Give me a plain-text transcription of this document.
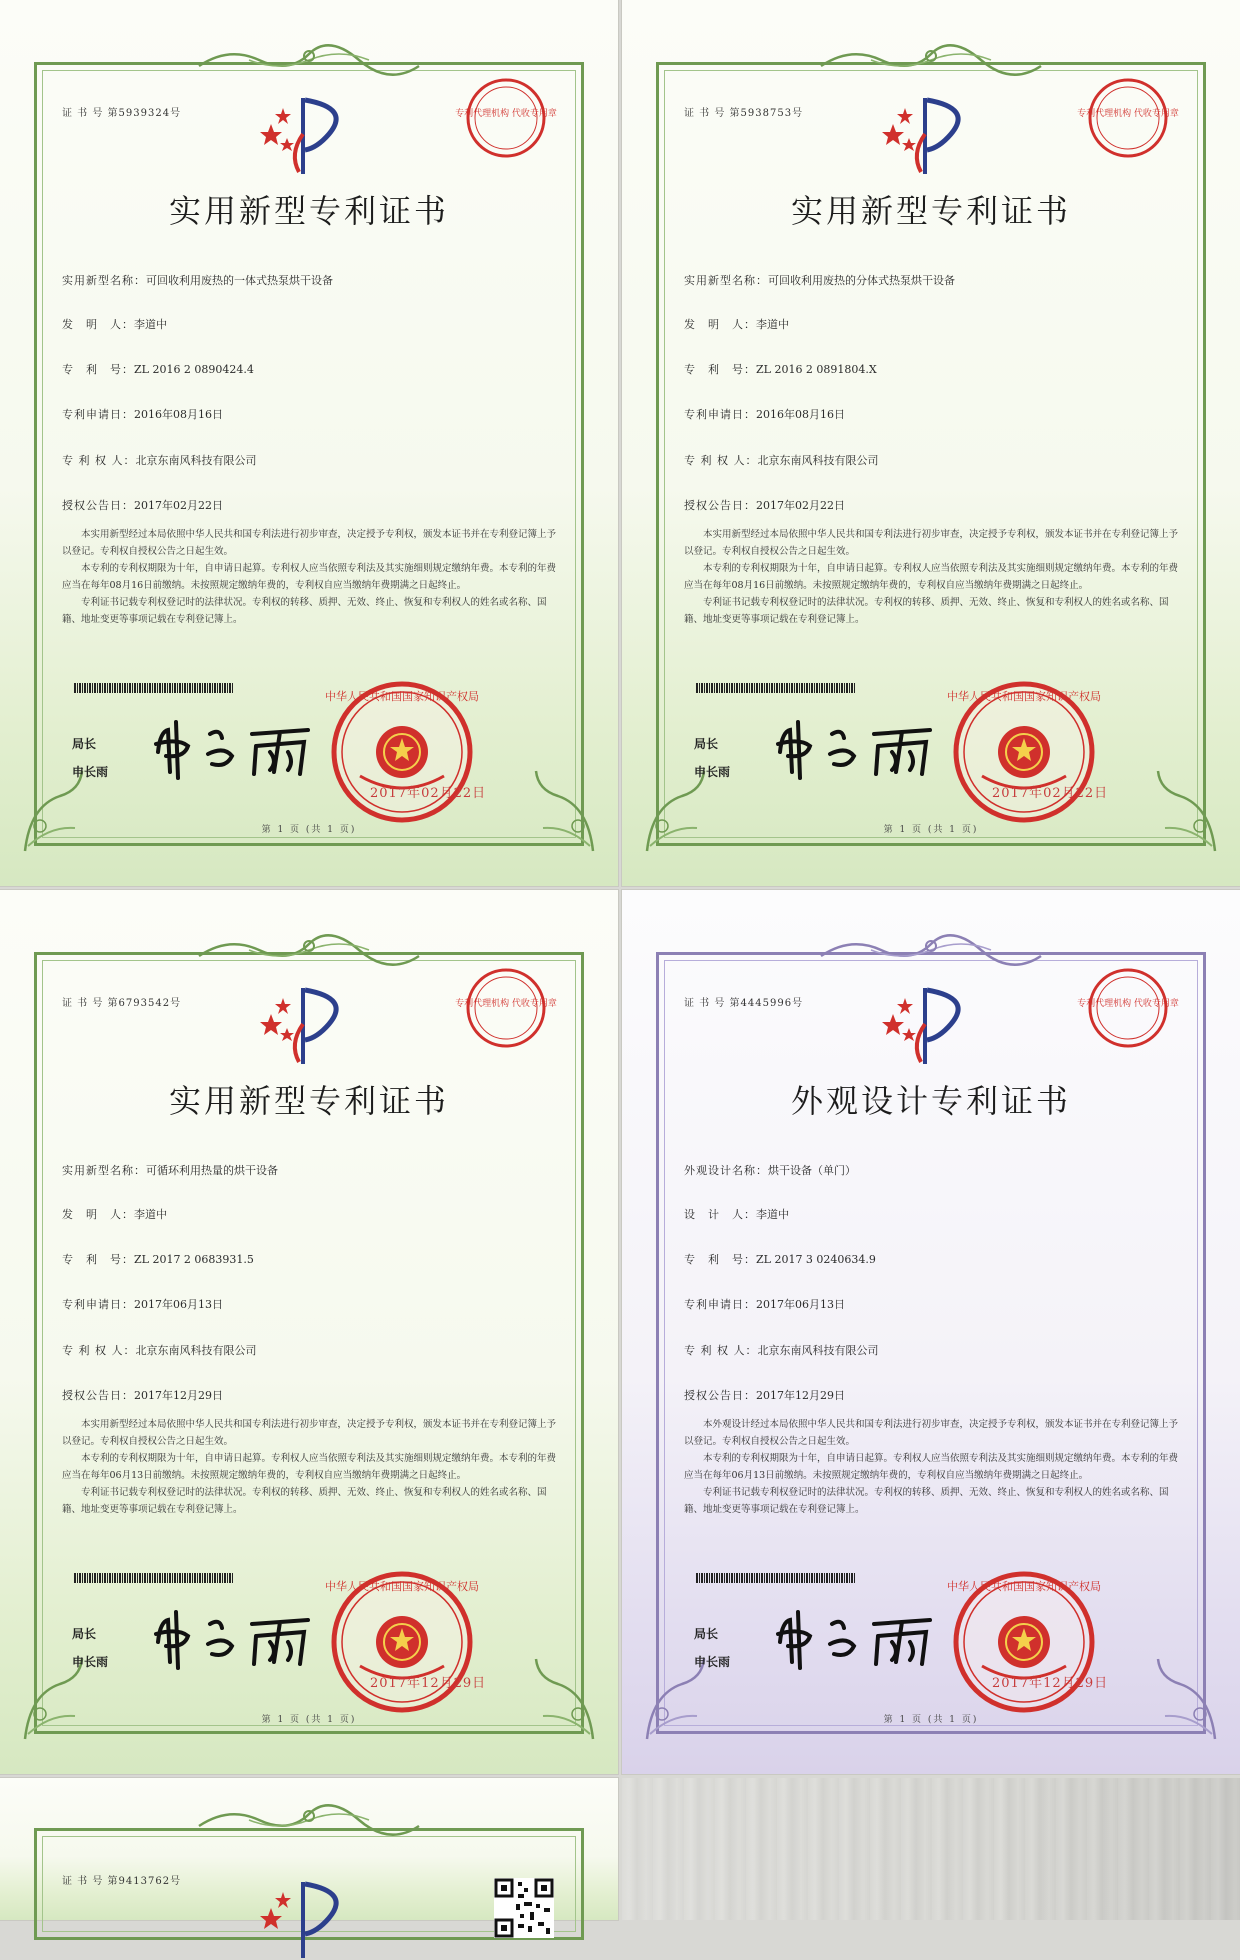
证 书 号 第5939324号	专利代理机构 代收专用章
实用新型专利证书
实用新型名称：可回收利用废热的一体式热泵烘干设备
发　明　人：李道中
专　利　号：ZL 2016 2 0890424.4
专利申请日：2016年08月16日
专 利 权 人：北京东南风科技有限公司
授权公告日：2017年02月22日

本实用新型经过本局依照中华人民共和国专利法进行初步审查，决定授予专利权，颁发本证书并在专利登记簿上予以登记。专利权自授权公告之日起生效。

本专利的专利权期限为十年，自申请日起算。专利权人应当依照专利法及其实施细则规定缴纳年费。本专利的年费应当在每年08月16日前缴纳。未按照规定缴纳年费的，专利权自应当缴纳年费期满之日起终止。

专利证书记载专利权登记时的法律状况。专利权的转移、质押、无效、终止、恢复和专利权人的姓名或名称、国籍、地址变更等事项记载在专利登记簿上。

局长
申长雨
中华人民共和国国家知识产权局
2017年02月22日
第 1 页 (共 1 页)
证 书 号 第5938753号	专利代理机构 代收专用章
实用新型专利证书
实用新型名称：可回收利用废热的分体式热泵烘干设备
发　明　人：李道中
专　利　号：ZL 2016 2 0891804.X
专利申请日：2016年08月16日
专 利 权 人：北京东南风科技有限公司
授权公告日：2017年02月22日

本实用新型经过本局依照中华人民共和国专利法进行初步审查，决定授予专利权，颁发本证书并在专利登记簿上予以登记。专利权自授权公告之日起生效。

本专利的专利权期限为十年，自申请日起算。专利权人应当依照专利法及其实施细则规定缴纳年费。本专利的年费应当在每年08月16日前缴纳。未按照规定缴纳年费的，专利权自应当缴纳年费期满之日起终止。

专利证书记载专利权登记时的法律状况。专利权的转移、质押、无效、终止、恢复和专利权人的姓名或名称、国籍、地址变更等事项记载在专利登记簿上。

局长
申长雨
中华人民共和国国家知识产权局
2017年02月22日
第 1 页 (共 1 页)
证 书 号 第6793542号	专利代理机构 代收专用章
实用新型专利证书
实用新型名称：可循环利用热量的烘干设备
发　明　人：李道中
专　利　号：ZL 2017 2 0683931.5
专利申请日：2017年06月13日
专 利 权 人：北京东南风科技有限公司
授权公告日：2017年12月29日

本实用新型经过本局依照中华人民共和国专利法进行初步审查，决定授予专利权，颁发本证书并在专利登记簿上予以登记。专利权自授权公告之日起生效。

本专利的专利权期限为十年，自申请日起算。专利权人应当依照专利法及其实施细则规定缴纳年费。本专利的年费应当在每年06月13日前缴纳。未按照规定缴纳年费的，专利权自应当缴纳年费期满之日起终止。

专利证书记载专利权登记时的法律状况。专利权的转移、质押、无效、终止、恢复和专利权人的姓名或名称、国籍、地址变更等事项记载在专利登记簿上。

局长
申长雨
中华人民共和国国家知识产权局
2017年12月29日
第 1 页 (共 1 页)
证 书 号 第4445996号	专利代理机构 代收专用章
外观设计专利证书
外观设计名称：烘干设备（单门）
设　计　人：李道中
专　利　号：ZL 2017 3 0240634.9
专利申请日：2017年06月13日
专 利 权 人：北京东南风科技有限公司
授权公告日：2017年12月29日

本外观设计经过本局依照中华人民共和国专利法进行初步审查，决定授予专利权，颁发本证书并在专利登记簿上予以登记。专利权自授权公告之日起生效。

本专利的专利权期限为十年，自申请日起算。专利权人应当依照专利法及其实施细则规定缴纳年费。本专利的年费应当在每年06月13日前缴纳。未按照规定缴纳年费的，专利权自应当缴纳年费期满之日起终止。

专利证书记载专利权登记时的法律状况。专利权的转移、质押、无效、终止、恢复和专利权人的姓名或名称、国籍、地址变更等事项记载在专利登记簿上。

局长
申长雨
中华人民共和国国家知识产权局
2017年12月29日
第 1 页 (共 1 页)
证 书 号 第9413762号
